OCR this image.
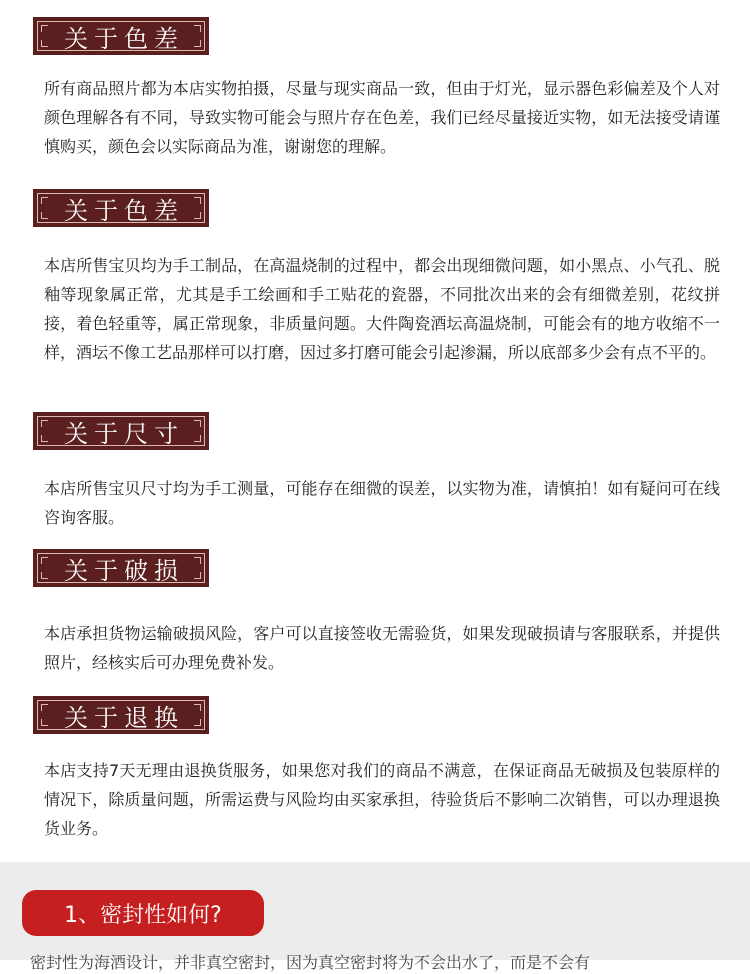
关于色差

所有商品照片都为本店实物拍摄，尽量与现实商品一致，但由于灯光，显示器色彩偏差及个人对颜色理解各有不同，导致实物可能会与照片存在色差，我们已经尽量接近实物，如无法接受请谨慎购买，颜色会以实际商品为准，谢谢您的理解。

关于色差

本店所售宝贝均为手工制品，在高温烧制的过程中，都会出现细微问题，如小黑点、小气孔、脱釉等现象属正常，尤其是手工绘画和手工贴花的瓷器，不同批次出来的会有细微差别，花纹拼接，着色轻重等，属正常现象，非质量问题。大件陶瓷酒坛高温烧制，可能会有的地方收缩不一样，酒坛不像工艺品那样可以打磨，因过多打磨可能会引起渗漏，所以底部多少会有点不平的。

关于尺寸

本店所售宝贝尺寸均为手工测量，可能存在细微的误差，以实物为准，请慎拍！如有疑问可在线咨询客服。

关于破损

本店承担货物运输破损风险，客户可以直接签收无需验货，如果发现破损请与客服联系，并提供照片，经核实后可办理免费补发。

关于退换

本店支持7天无理由退换货服务，如果您对我们的商品不满意，在保证商品无破损及包装原样的情况下，除质量问题，所需运费与风险均由买家承担，待验货后不影响二次销售，可以办理退换货业务。

1、密封性如何?
密封性为海酒设计，并非真空密封，因为真空密封将为不会出水了，而是不会有
